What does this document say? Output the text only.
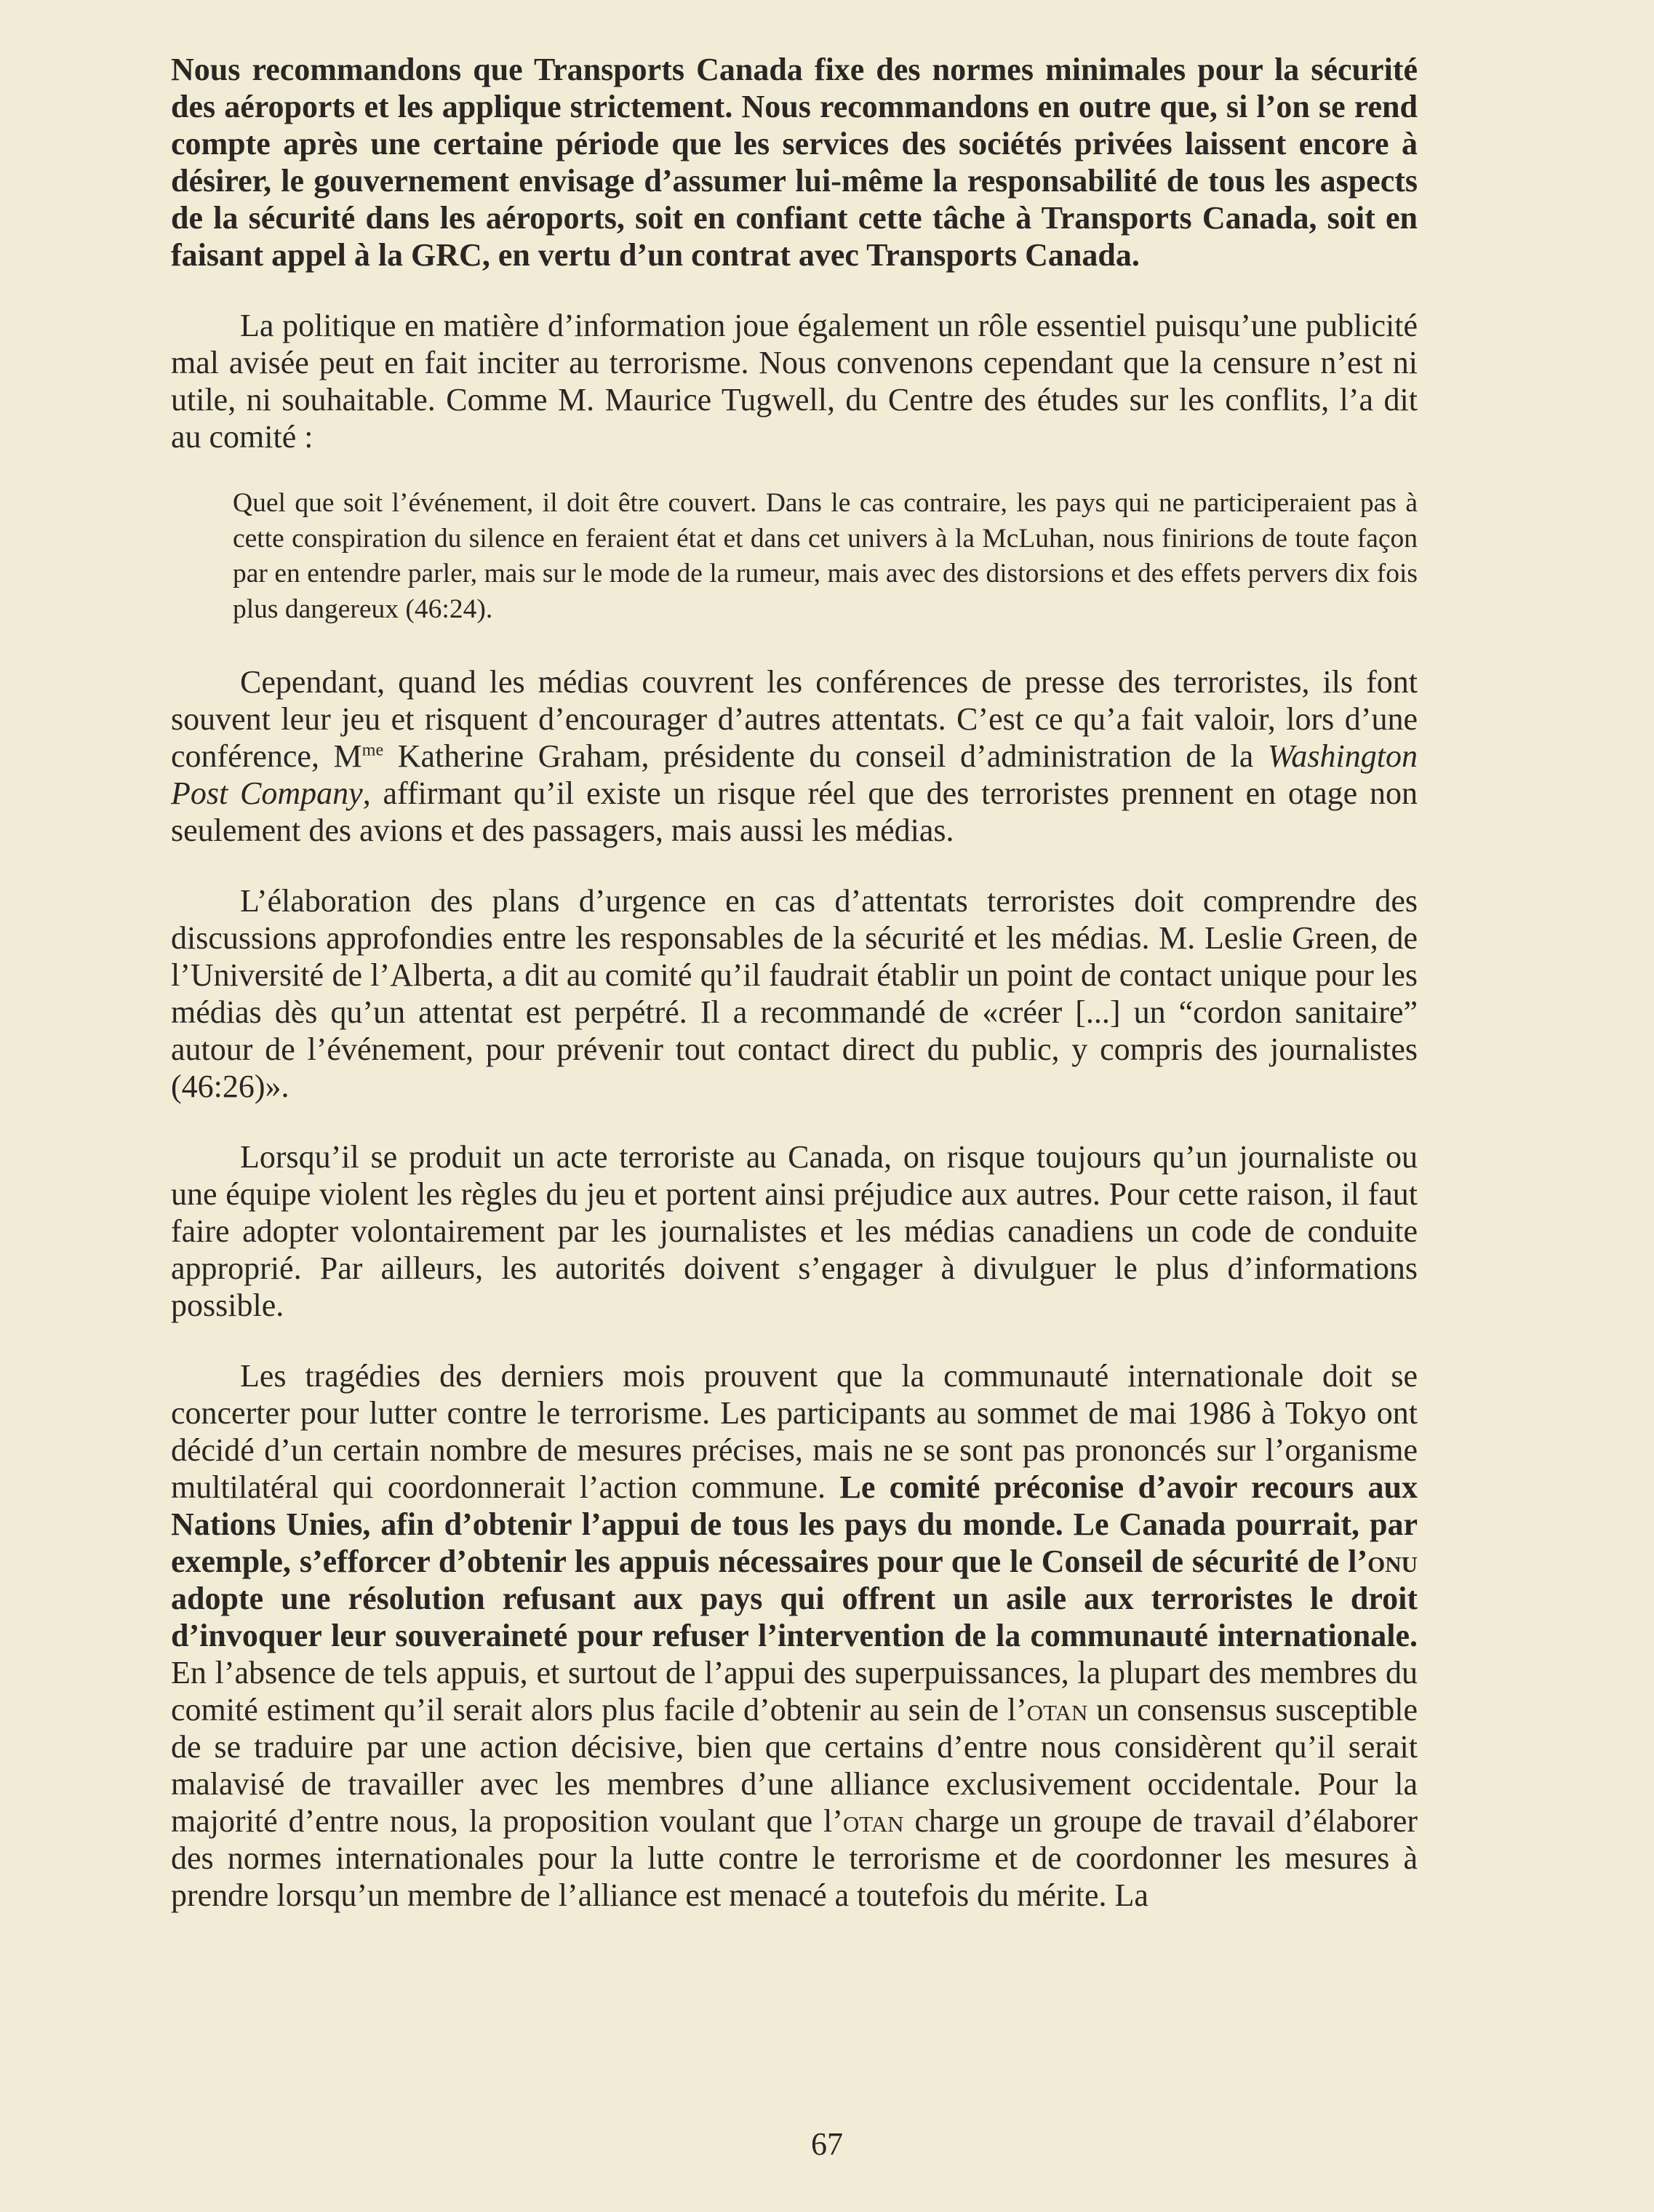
Nous recommandons que Transports Canada fixe des normes minimales pour la sécurité des aéroports et les applique strictement. Nous recommandons en outre que, si l’on se rend compte après une certaine période que les services des sociétés privées laissent encore à désirer, le gouvernement envisage d’assumer lui-même la responsabilité de tous les aspects de la sécurité dans les aéroports, soit en confiant cette tâche à Transports Canada, soit en faisant appel à la GRC, en vertu d’un contrat avec Transports Canada.

La politique en matière d’information joue également un rôle essentiel puisqu’une publicité mal avisée peut en fait inciter au terrorisme. Nous convenons cependant que la censure n’est ni utile, ni souhaitable. Comme M. Maurice Tugwell, du Centre des études sur les conflits, l’a dit au comité :

Quel que soit l’événement, il doit être couvert. Dans le cas contraire, les pays qui ne participeraient pas à cette conspiration du silence en feraient état et dans cet univers à la McLuhan, nous finirions de toute façon par en entendre parler, mais sur le mode de la rumeur, mais avec des distorsions et des effets pervers dix fois plus dangereux (46:24).

Cependant, quand les médias couvrent les conférences de presse des terroristes, ils font souvent leur jeu et risquent d’encourager d’autres attentats. C’est ce qu’a fait valoir, lors d’une conférence, $M^{me}$ Katherine Graham, présidente du conseil d’administration de la Washington Post Company, affirmant qu’il existe un risque réel que des terroristes prennent en otage non seulement des avions et des passagers, mais aussi les médias.

L’élaboration des plans d’urgence en cas d’attentats terroristes doit comprendre des discussions approfondies entre les responsables de la sécurité et les médias. M. Leslie Green, de l’Université de l’Alberta, a dit au comité qu’il faudrait établir un point de contact unique pour les médias dès qu’un attentat est perpétré. Il a recommandé de «créer [...] un “cordon sanitaire” autour de l’événement, pour prévenir tout contact direct du public, y compris des journalistes (46:26)».

Lorsqu’il se produit un acte terroriste au Canada, on risque toujours qu’un journaliste ou une équipe violent les règles du jeu et portent ainsi préjudice aux autres. Pour cette raison, il faut faire adopter volontairement par les journalistes et les médias canadiens un code de conduite approprié. Par ailleurs, les autorités doivent s’engager à divulguer le plus d’informations possible.

Les tragédies des derniers mois prouvent que la communauté internationale doit se concerter pour lutter contre le terrorisme. Les participants au sommet de mai 1986 à Tokyo ont décidé d’un certain nombre de mesures précises, mais ne se sont pas prononcés sur l’organisme multilatéral qui coordonnerait l’action commune. Le comité préconise d’avoir recours aux Nations Unies, afin d’obtenir l’appui de tous les pays du monde. Le Canada pourrait, par exemple, s’efforcer d’obtenir les appuis nécessaires pour que le Conseil de sécurité de l’onu adopte une résolution refusant aux pays qui offrent un asile aux terroristes le droit d’invoquer leur souveraineté pour refuser l’intervention de la communauté internationale. En l’absence de tels appuis, et surtout de l’appui des superpuissances, la plupart des membres du comité estiment qu’il serait alors plus facile d’obtenir au sein de l’otan un consensus susceptible de se traduire par une action décisive, bien que certains d’entre nous considèrent qu’il serait malavisé de travailler avec les membres d’une alliance exclusivement occidentale. Pour la majorité d’entre nous, la proposition voulant que l’otan charge un groupe de travail d’élaborer des normes internationales pour la lutte contre le terrorisme et de coordonner les mesures à prendre lorsqu’un membre de l’alliance est menacé a toutefois du mérite. La

67
